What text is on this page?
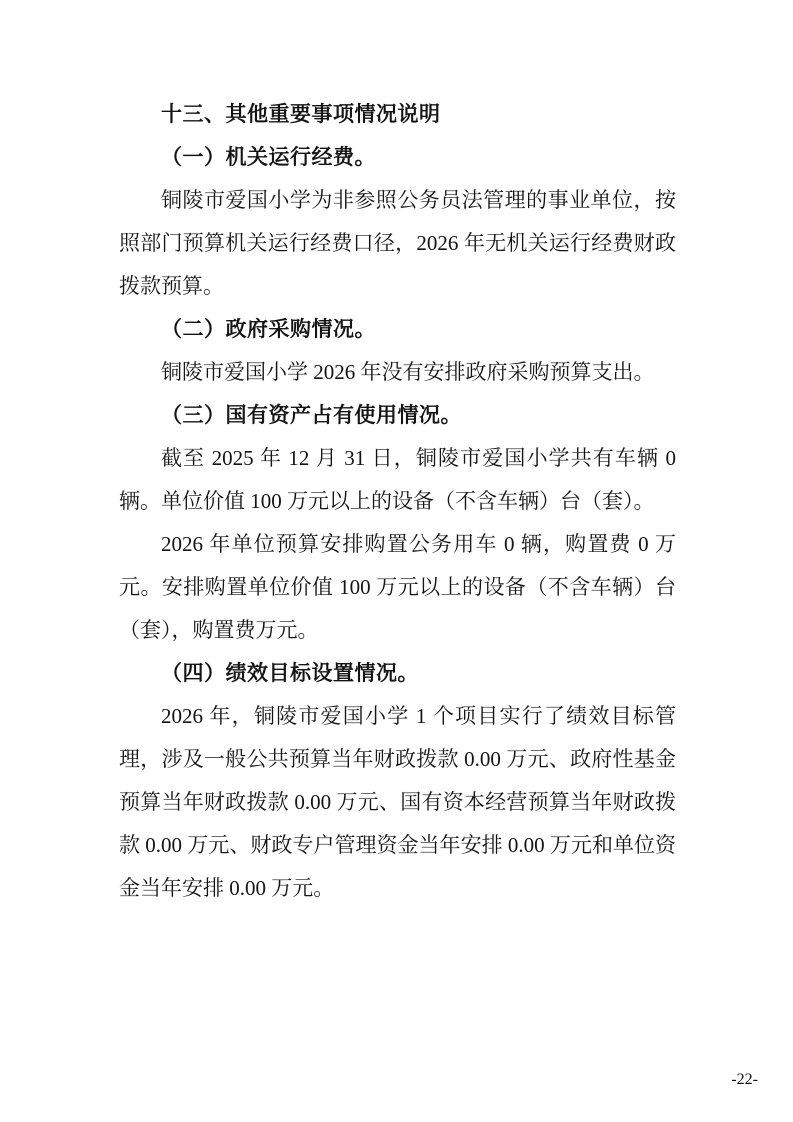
十三、其他重要事项情况说明

（一）机关运行经费。

铜陵市爱国小学为非参照公务员法管理的事业单位，按照部门预算机关运行经费口径，2026 年无机关运行经费财政拨款预算。

（二）政府采购情况。

铜陵市爱国小学 2026 年没有安排政府采购预算支出。

（三）国有资产占有使用情况。

截至 2025 年 12 月 31 日，铜陵市爱国小学共有车辆 0 辆。单位价值 100 万元以上的设备（不含车辆）台（套）。

2026 年单位预算安排购置公务用车 0 辆，购置费 0 万元。安排购置单位价值 100 万元以上的设备（不含车辆）台（套），购置费万元。

（四）绩效目标设置情况。

2026 年，铜陵市爱国小学 1 个项目实行了绩效目标管理，涉及一般公共预算当年财政拨款 0.00 万元、政府性基金预算当年财政拨款 0.00 万元、国有资本经营预算当年财政拨款 0.00 万元、财政专户管理资金当年安排 0.00 万元和单位资金当年安排 0.00 万元。

-22-
